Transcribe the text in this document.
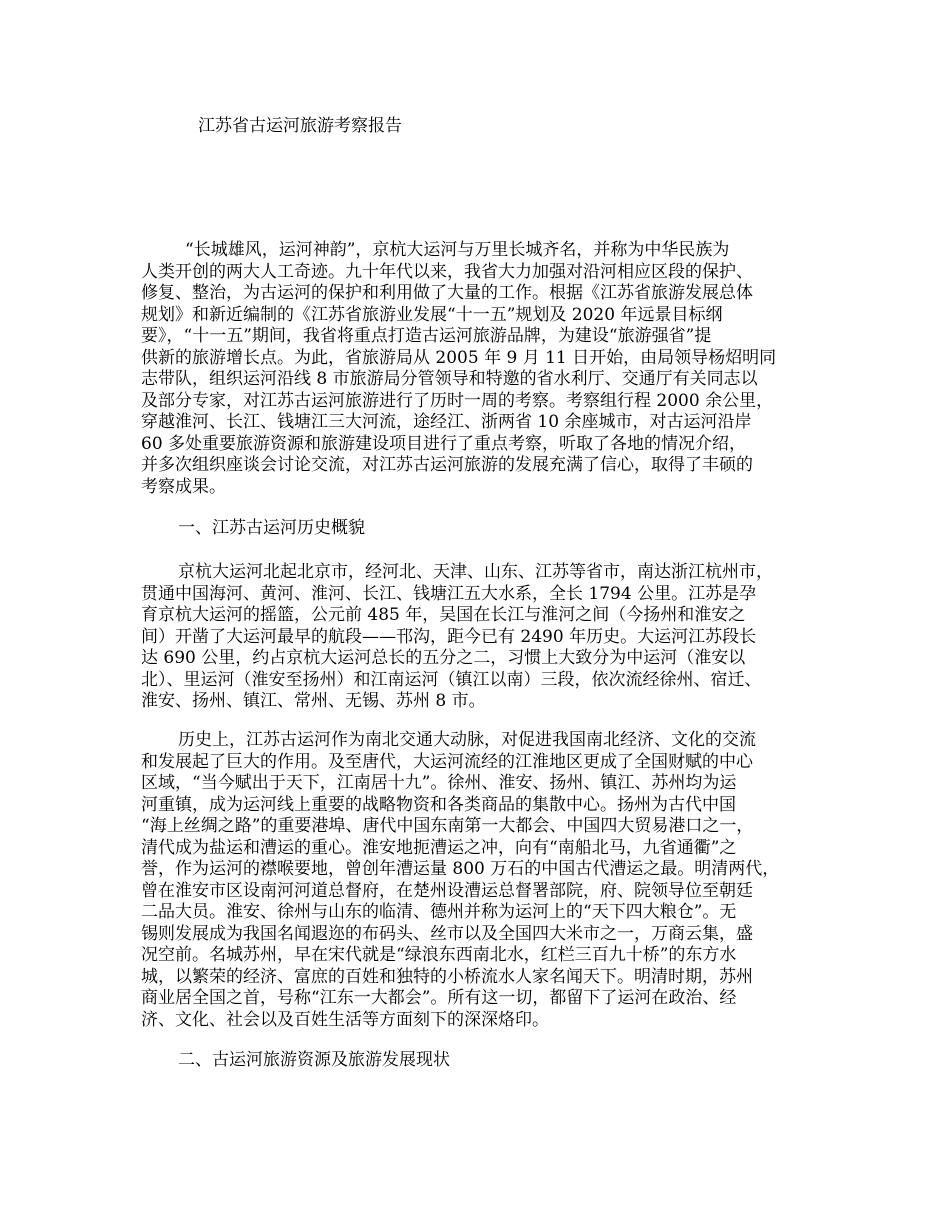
江苏省古运河旅游考察报告
“长城雄风，运河神韵”，京杭大运河与万里长城齐名，并称为中华民族为
人类开创的两大人工奇迹。九十年代以来，我省大力加强对沿河相应区段的保护、
修复、整治，为古运河的保护和利用做了大量的工作。根据《江苏省旅游发展总体
规划》和新近编制的《江苏省旅游业发展“十一五”规划及 2020 年远景目标纲
要》，“十一五”期间，我省将重点打造古运河旅游品牌，为建设“旅游强省”提
供新的旅游增长点。为此，省旅游局从 2005 年 9 月 11 日开始，由局领导杨炤明同
志带队，组织运河沿线 8 市旅游局分管领导和特邀的省水利厅、交通厅有关同志以
及部分专家，对江苏古运河旅游进行了历时一周的考察。考察组行程 2000 余公里，
穿越淮河、长江、钱塘江三大河流，途经江、浙两省 10 余座城市，对古运河沿岸
60 多处重要旅游资源和旅游建设项目进行了重点考察，听取了各地的情况介绍，
并多次组织座谈会讨论交流，对江苏古运河旅游的发展充满了信心，取得了丰硕的
考察成果。
一、江苏古运河历史概貌
京杭大运河北起北京市，经河北、天津、山东、江苏等省市，南达浙江杭州市，
贯通中国海河、黄河、淮河、长江、钱塘江五大水系，全长 1794 公里。江苏是孕
育京杭大运河的摇篮，公元前 485 年，吴国在长江与淮河之间（今扬州和淮安之
间）开凿了大运河最早的航段——邗沟，距今已有 2490 年历史。大运河江苏段长
达 690 公里，约占京杭大运河总长的五分之二，习惯上大致分为中运河（淮安以
北）、里运河（淮安至扬州）和江南运河（镇江以南）三段，依次流经徐州、宿迁、
淮安、扬州、镇江、常州、无锡、苏州 8 市。
历史上，江苏古运河作为南北交通大动脉，对促进我国南北经济、文化的交流
和发展起了巨大的作用。及至唐代，大运河流经的江淮地区更成了全国财赋的中心
区域，“当今赋出于天下，江南居十九”。徐州、淮安、扬州、镇江、苏州均为运
河重镇，成为运河线上重要的战略物资和各类商品的集散中心。扬州为古代中国
“海上丝绸之路”的重要港埠、唐代中国东南第一大都会、中国四大贸易港口之一，
清代成为盐运和漕运的重心。淮安地扼漕运之冲，向有“南船北马，九省通衢”之
誉，作为运河的襟喉要地，曾创年漕运量 800 万石的中国古代漕运之最。明清两代，
曾在淮安市区设南河河道总督府，在楚州设漕运总督署部院，府、院领导位至朝廷
二品大员。淮安、徐州与山东的临清、德州并称为运河上的“天下四大粮仓”。无
锡则发展成为我国名闻遐迩的布码头、丝市以及全国四大米市之一，万商云集，盛
况空前。名城苏州，早在宋代就是“绿浪东西南北水，红栏三百九十桥”的东方水
城，以繁荣的经济、富庶的百姓和独特的小桥流水人家名闻天下。明清时期，苏州
商业居全国之首，号称“江东一大都会”。所有这一切，都留下了运河在政治、经
济、文化、社会以及百姓生活等方面刻下的深深烙印。
二、古运河旅游资源及旅游发展现状
